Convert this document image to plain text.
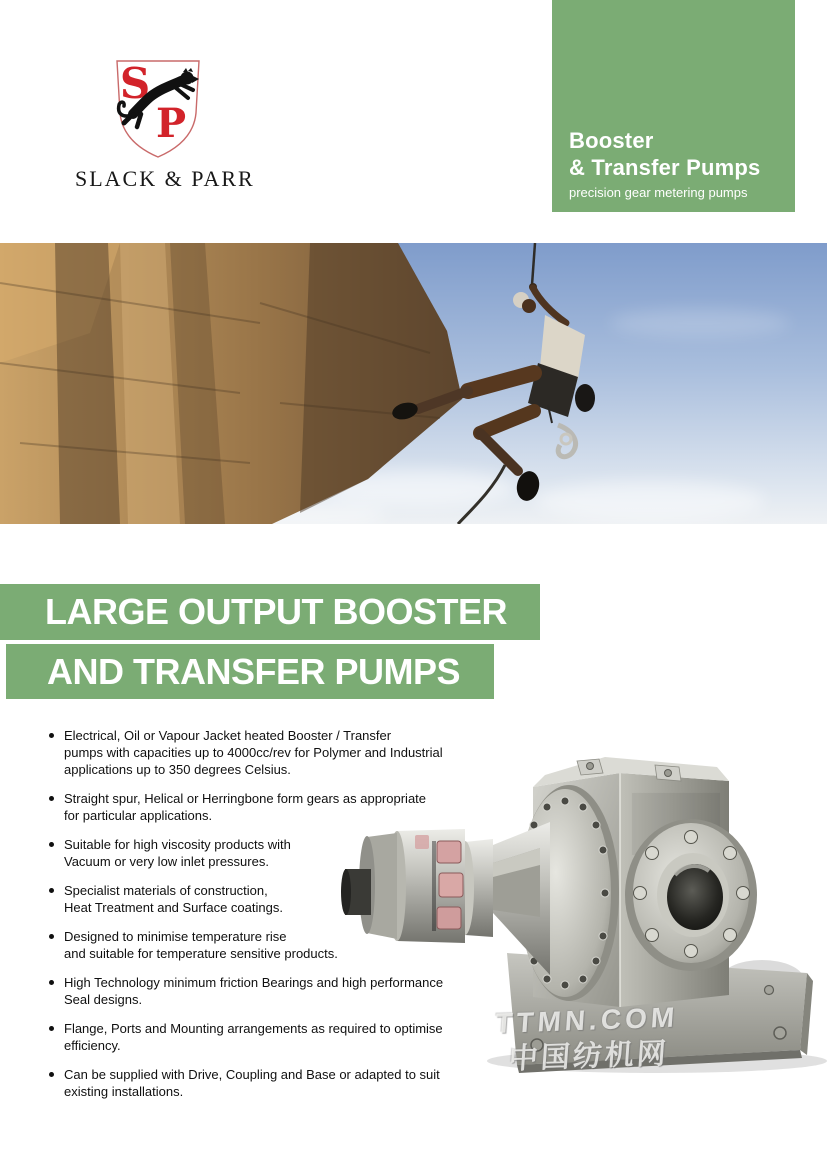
S
P
SLACK & PARR
Booster
& Transfer Pumps
precision gear metering pumps
LARGE OUTPUT BOOSTER
AND TRANSFER PUMPS
Electrical, Oil or Vapour Jacket heated Booster / Transfer
pumps with capacities up to 4000cc/rev for Polymer and Industrial
applications up to 350 degrees Celsius.
Straight spur, Helical or Herringbone form gears as appropriate
for particular applications.
Suitable for high viscosity products with
Vacuum or very low inlet pressures.
Specialist materials of construction,
Heat Treatment and Surface coatings.
Designed to minimise temperature rise
and suitable for temperature sensitive products.
High Technology minimum friction Bearings and high performance
Seal designs.
Flange, Ports and Mounting arrangements as required to optimise
efficiency.
Can be supplied with Drive, Coupling and Base or adapted to suit
existing installations.
TTMN.COM
中国纺机网
